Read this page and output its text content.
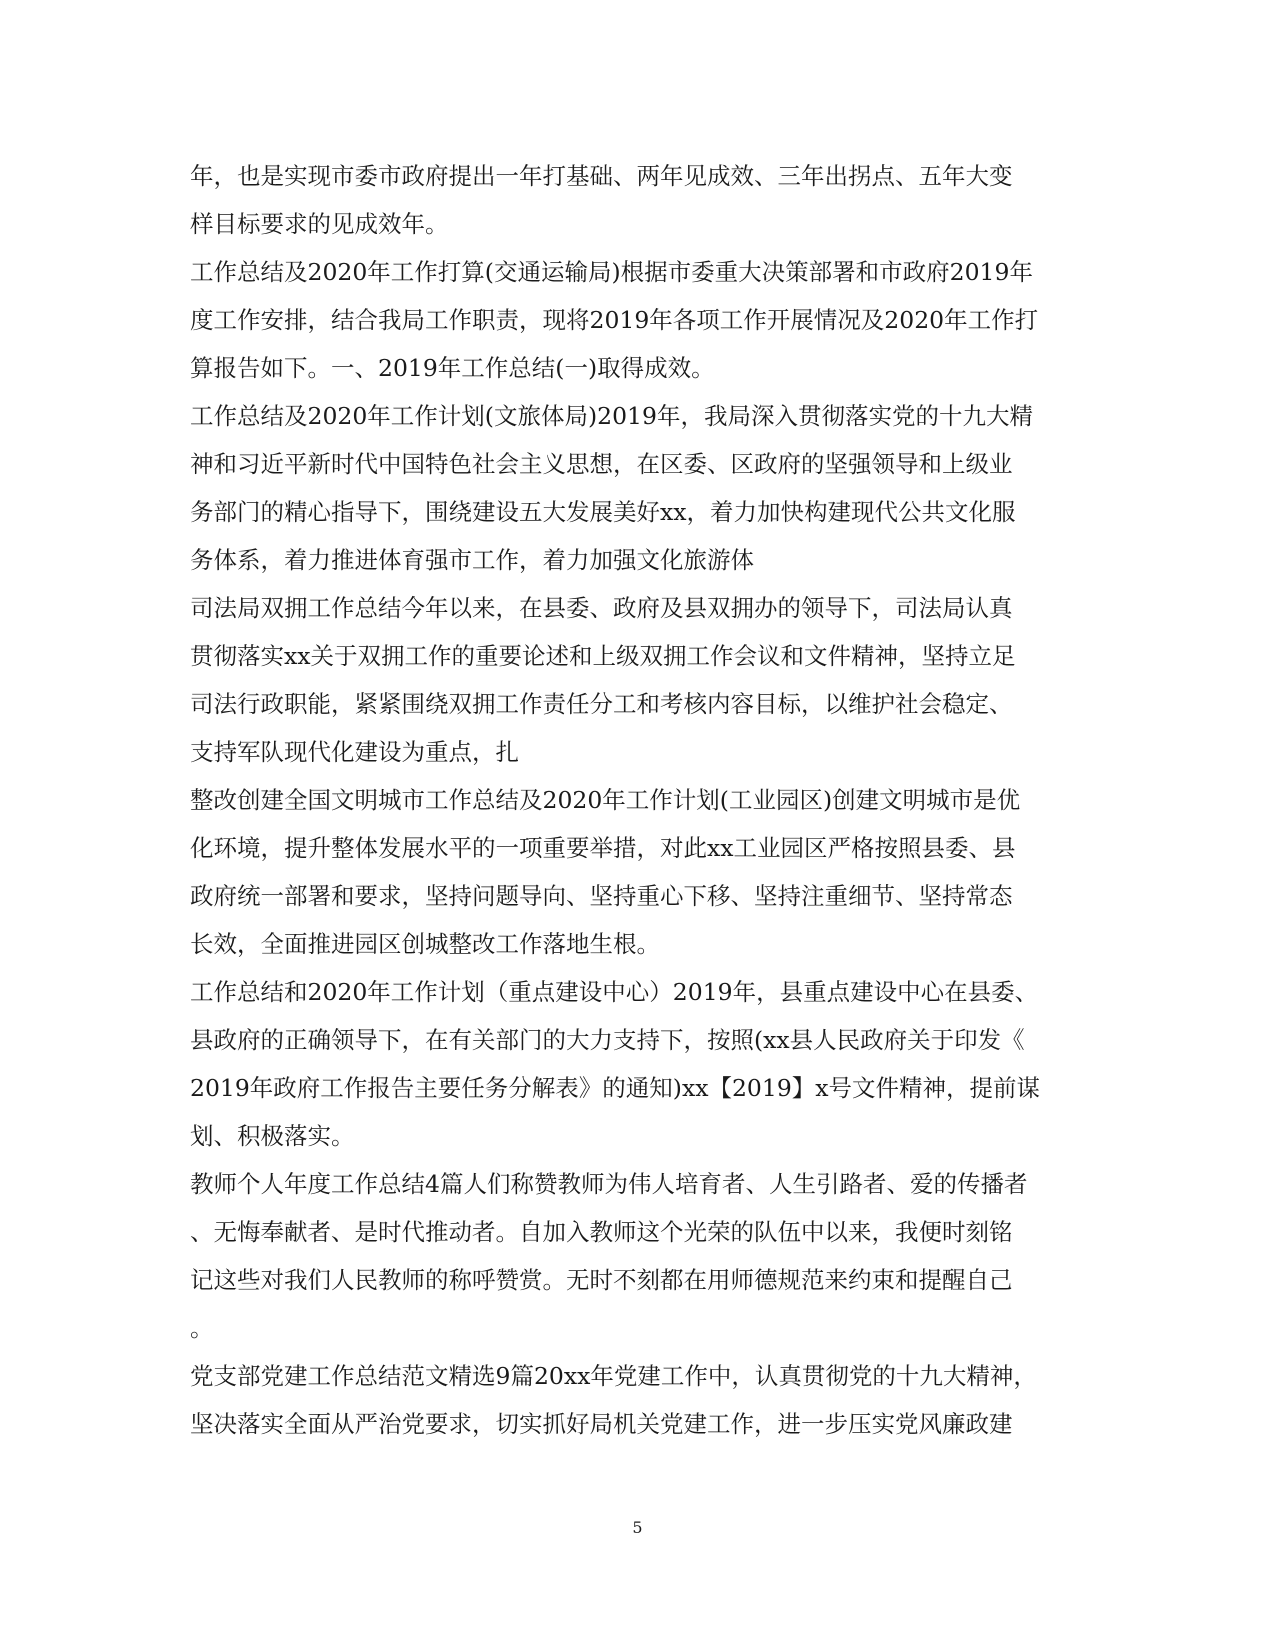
年，也是实现市委市政府提出一年打基础、两年见成效、三年出拐点、五年大变
样目标要求的见成效年。
工作总结及2020年工作打算(交通运输局)根据市委重大决策部署和市政府2019年
度工作安排，结合我局工作职责，现将2019年各项工作开展情况及2020年工作打
算报告如下。一、2019年工作总结(一)取得成效。
工作总结及2020年工作计划(文旅体局)2019年，我局深入贯彻落实党的十九大精
神和习近平新时代中国特色社会主义思想，在区委、区政府的坚强领导和上级业
务部门的精心指导下，围绕建设五大发展美好xx，着力加快构建现代公共文化服
务体系，着力推进体育强市工作，着力加强文化旅游体
司法局双拥工作总结今年以来，在县委、政府及县双拥办的领导下，司法局认真
贯彻落实xx关于双拥工作的重要论述和上级双拥工作会议和文件精神，坚持立足
司法行政职能，紧紧围绕双拥工作责任分工和考核内容目标，以维护社会稳定、
支持军队现代化建设为重点，扎
整改创建全国文明城市工作总结及2020年工作计划(工业园区)创建文明城市是优
化环境，提升整体发展水平的一项重要举措，对此xx工业园区严格按照县委、县
政府统一部署和要求，坚持问题导向、坚持重心下移、坚持注重细节、坚持常态
长效，全面推进园区创城整改工作落地生根。
工作总结和2020年工作计划（重点建设中心）2019年，县重点建设中心在县委、
县政府的正确领导下，在有关部门的大力支持下，按照(xx县人民政府关于印发《
2019年政府工作报告主要任务分解表》的通知)xx【2019】x号文件精神，提前谋
划、积极落实。
教师个人年度工作总结4篇人们称赞教师为伟人培育者、人生引路者、爱的传播者
、无悔奉献者、是时代推动者。自加入教师这个光荣的队伍中以来，我便时刻铭
记这些对我们人民教师的称呼赞赏。无时不刻都在用师德规范来约束和提醒自己
。
党支部党建工作总结范文精选9篇20xx年党建工作中，认真贯彻党的十九大精神，
坚决落实全面从严治党要求，切实抓好局机关党建工作，进一步压实党风廉政建
5
